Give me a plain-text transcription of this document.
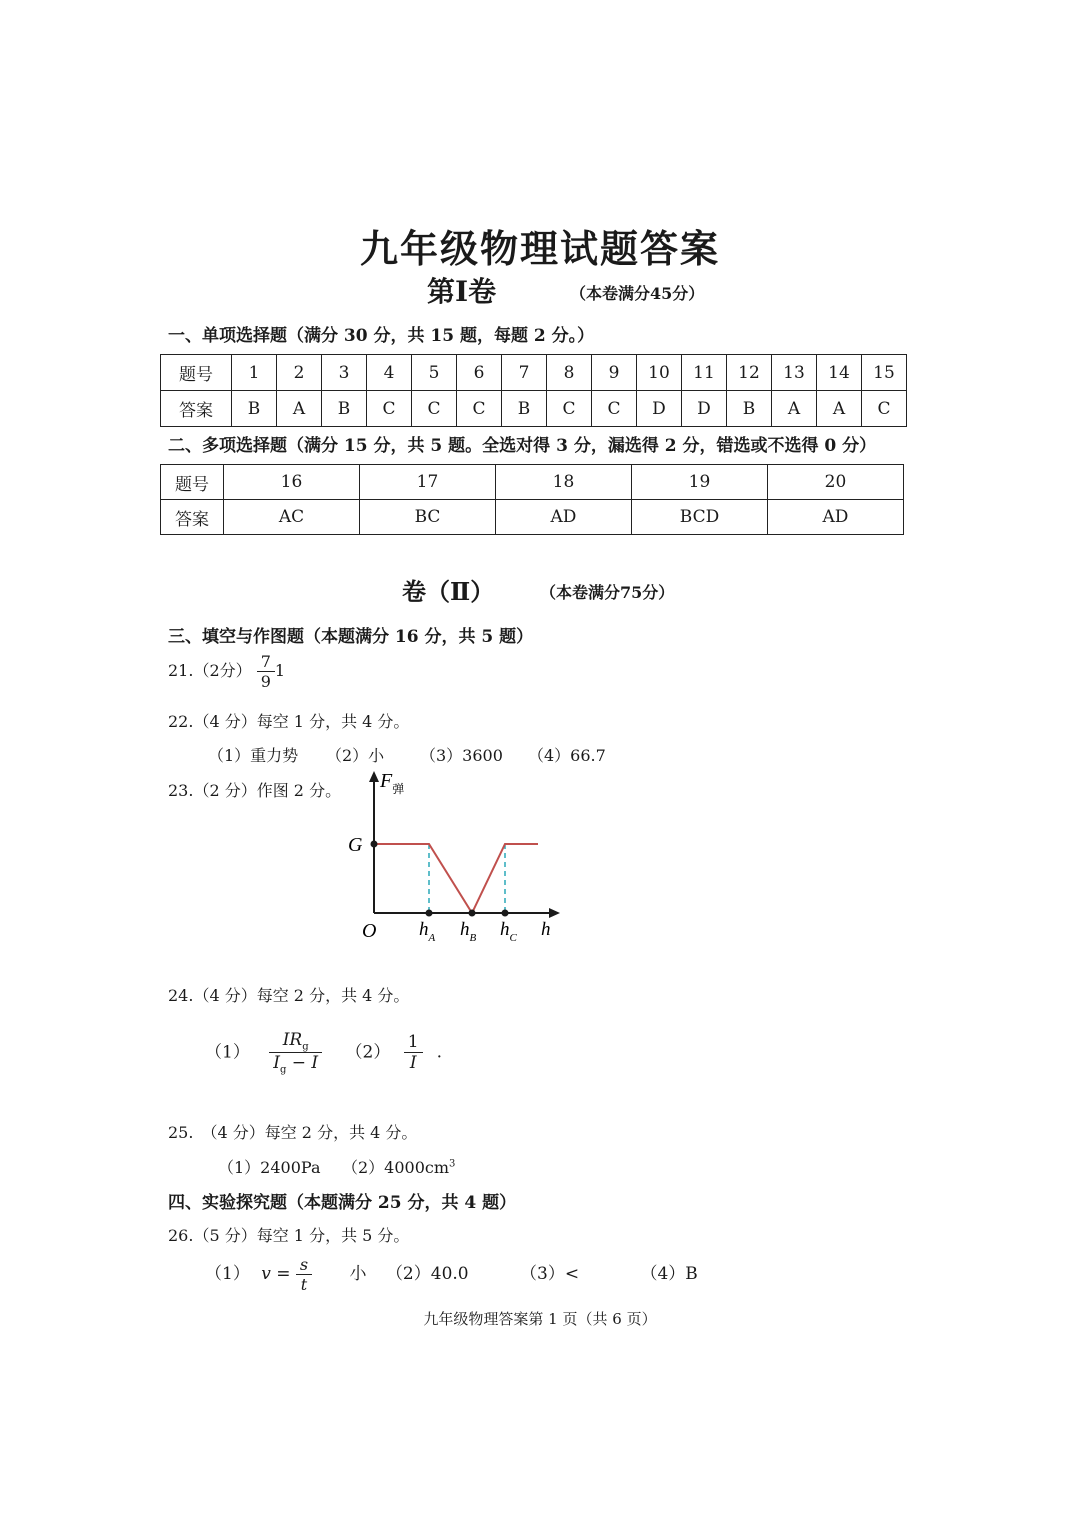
九年级物理试题答案
第Ⅰ卷	（本卷满分45分）
一、单项选择题（满分 30 分，共 15 题，每题 2 分。）
题号	1	2	3	4	5	6	7	8	9	10	11	12	13	14	15
答案	B	A	B	C	C	C	B	C	C	D	D	B	A	A	C
二、多项选择题（满分 15 分，共 5 题。全选对得 3 分，漏选得 2 分，错选或不选得 0 分）
题号	16	17	18	19	20
答案	AC	BC	AD	BCD	AD
卷（Ⅱ）	（本卷满分75分）
三、填空与作图题（本题满分 16 分，共 5 题）
21.（2分） $\frac{7}{9} 1$
22.（4 分）每空 1 分，共 4 分。
（1）重力势 （2）小 （3）3600 （4）66.7
23.（2 分）作图 2 分。 $F_弹$
G
O $h_A$ $h_B$ $h_C$ h
24.（4 分）每空 2 分，共 4 分。
$(1) \frac{IR_g}{I_g - I} (2) \frac{1}{I}$ .
25.　（4 分）每空 2 分，共 4 分。
（1）2400Pa $(2)4000cm^3$
四、实验探究题（本题满分 25 分，共 4 题）
26.（5 分）每空 1 分，共 5 分。
（1） $v = \frac{s}{t}$ 小 （2）40.0	（3）<	（4）B
九年级物理答案第 1 页（共 6 页）
